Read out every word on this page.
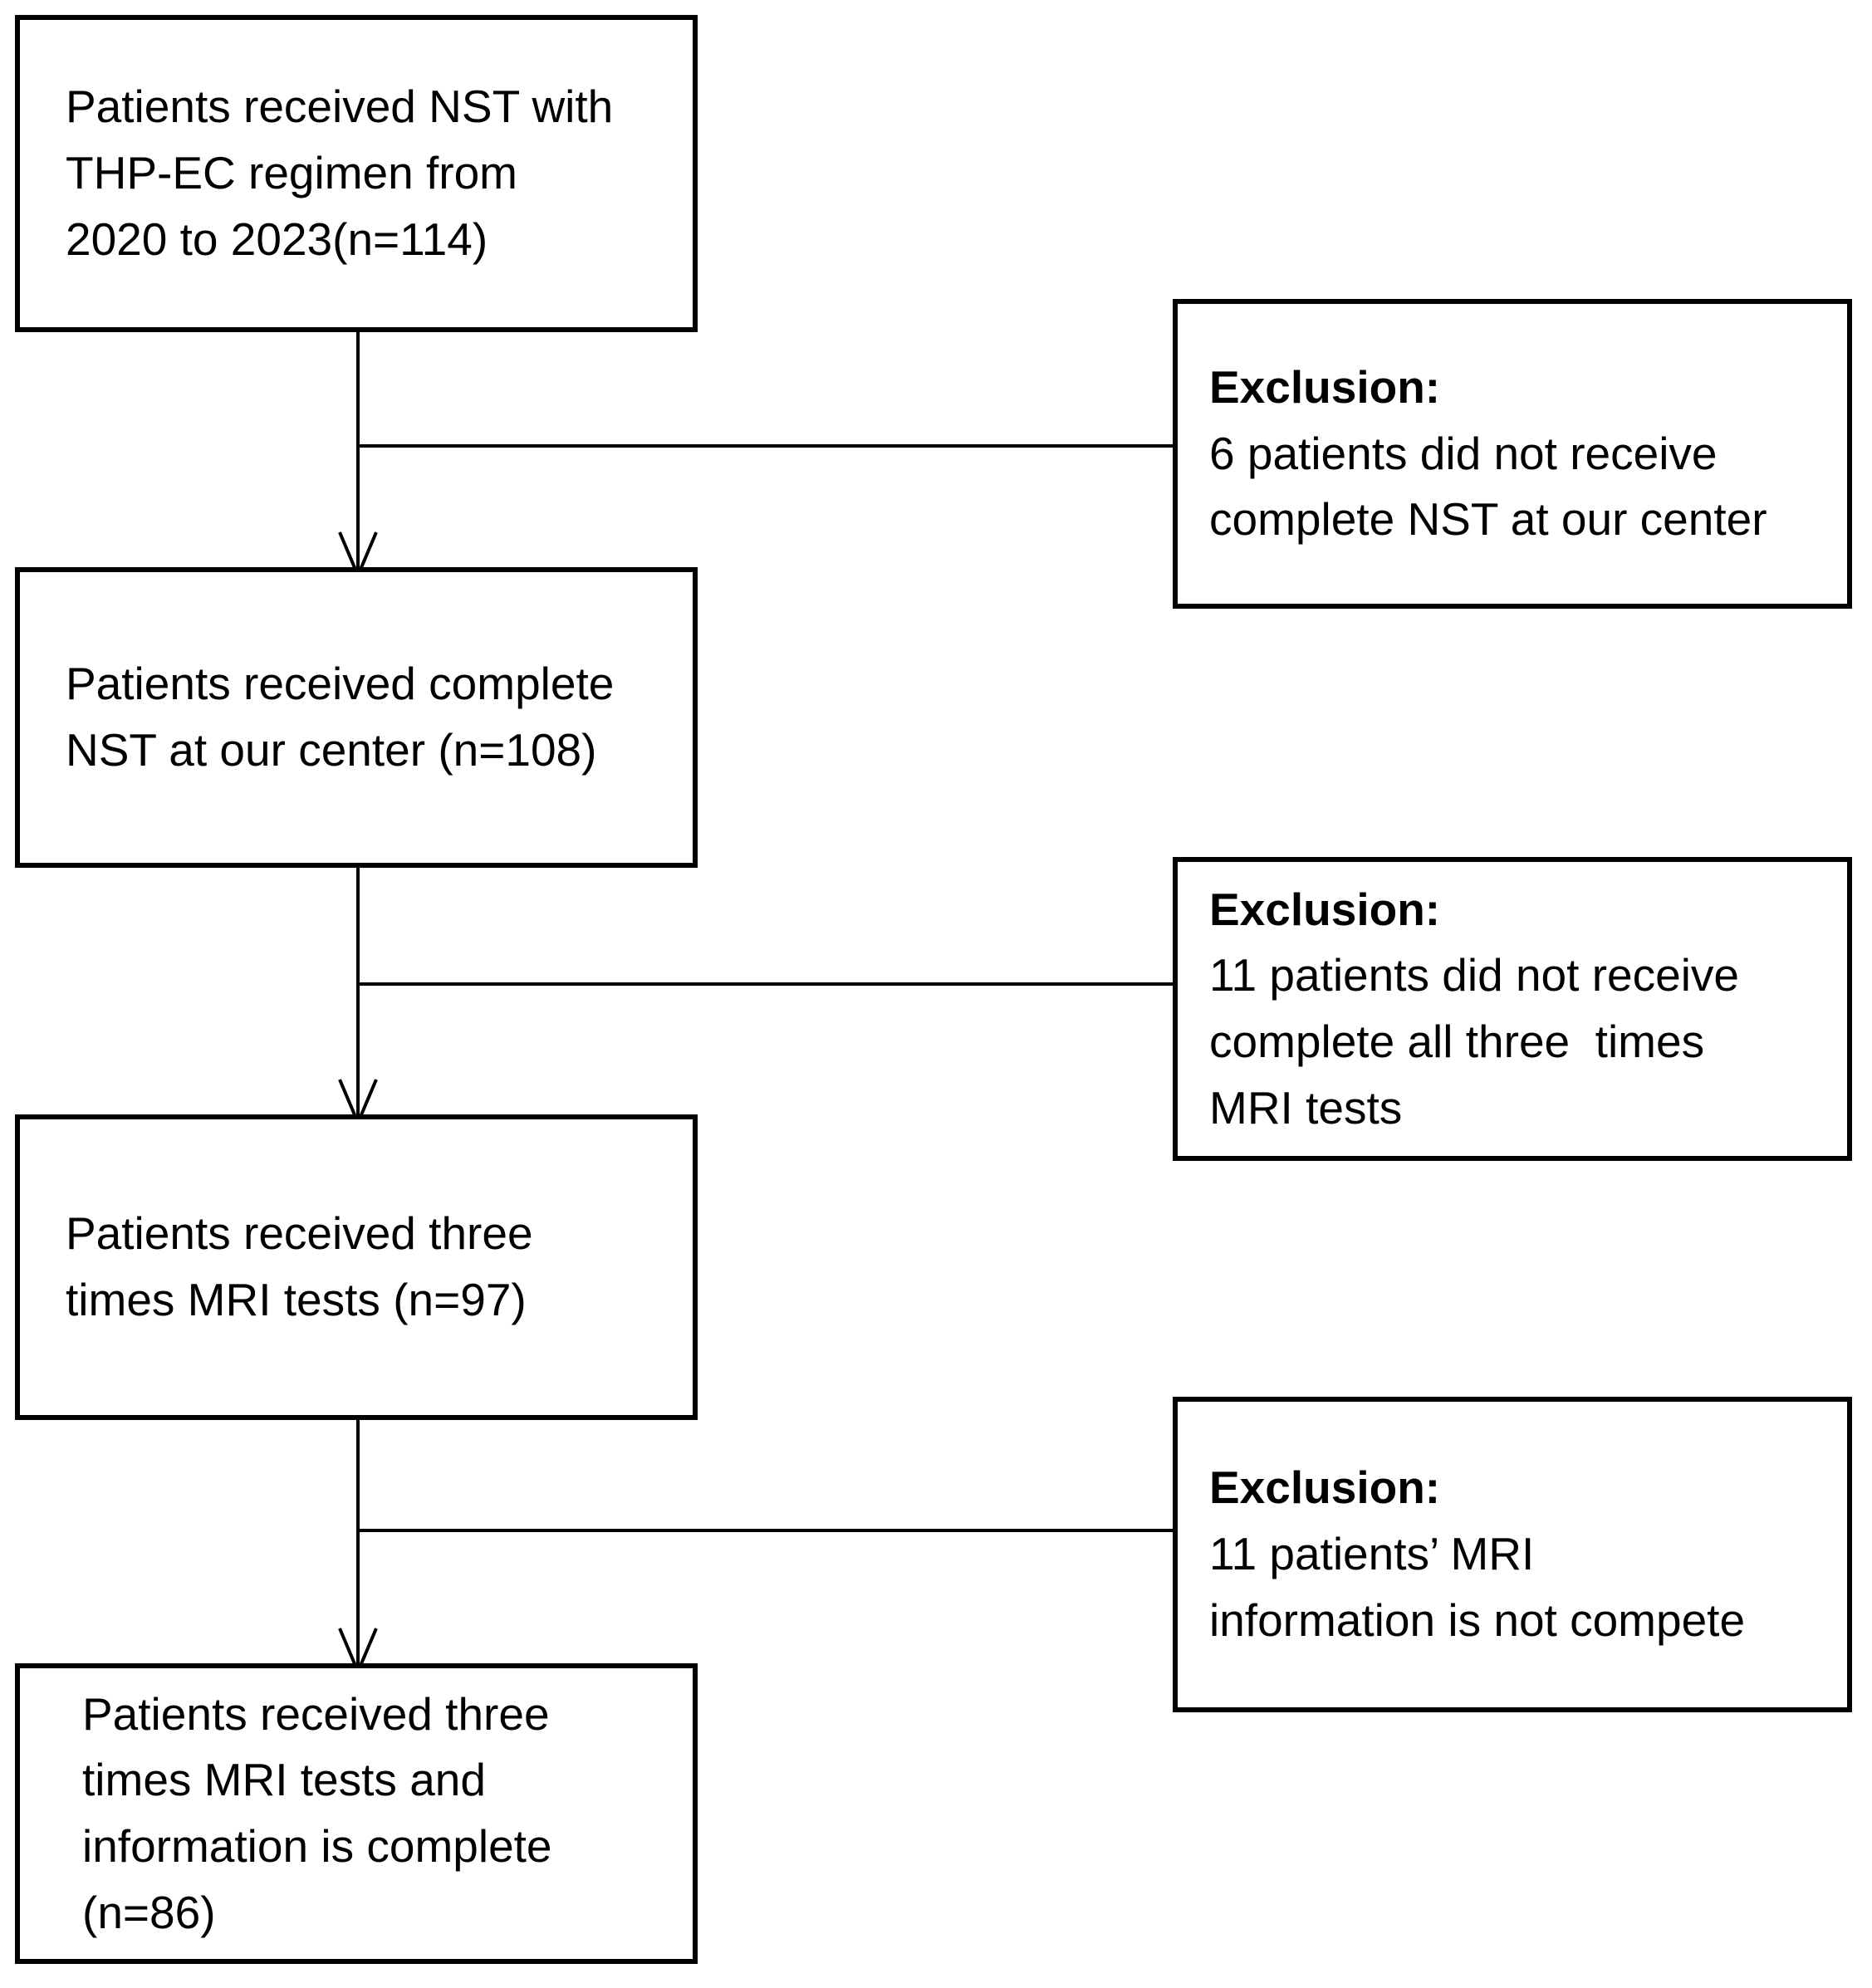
Patients received NST with
THP-EC regimen from
2020 to 2023(n=114)
Patients received complete
NST at our center (n=108)
Patients received three
times MRI tests (n=97)
Patients received three
times MRI tests and
information is complete
(n=86)
Exclusion:
6 patients did not receive
complete NST at our center
Exclusion:
11 patients did not receive
complete all three  times
MRI tests
Exclusion:
11 patients’ MRI
information is not compete
